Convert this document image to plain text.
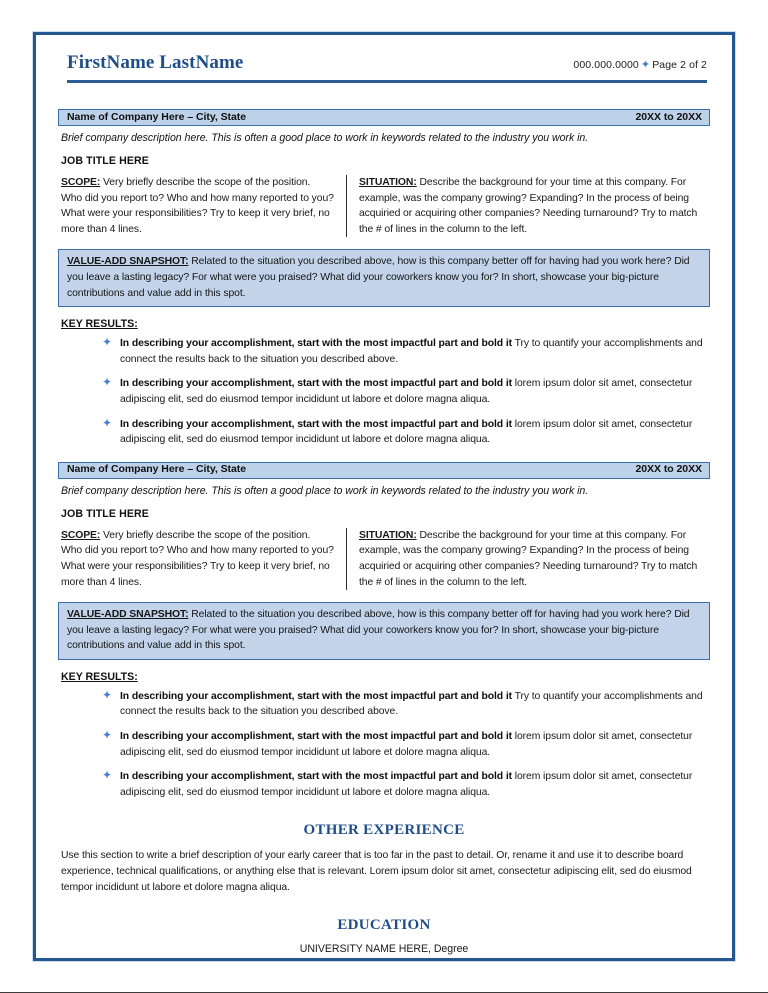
FirstName LastName	000.000.0000 ✦ Page 2 of 2
Name of Company Here – City, State	20XX to 20XX
Brief company description here. This is often a good place to work in keywords related to the industry you work in.
JOB TITLE HERE
SCOPE: Very briefly describe the scope of the position. Who did you report to? Who and how many reported to you? What were your responsibilities? Try to keep it very brief, no more than 4 lines.
SITUATION: Describe the background for your time at this company. For example, was the company growing? Expanding? In the process of being acquiried or acquiring other companies? Needing turnaround? Try to match the # of lines in the column to the left.
VALUE-ADD SNAPSHOT: Related to the situation you described above, how is this company better off for having had you work here? Did you leave a lasting legacy? For what were you praised? What did your coworkers know you for? In short, showcase your big-picture contributions and value add in this spot.
KEY RESULTS:
✦ In describing your accomplishment, start with the most impactful part and bold it Try to quantify your accomplishments and connect the results back to the situation you described above.
✦ In describing your accomplishment, start with the most impactful part and bold it lorem ipsum dolor sit amet, consectetur adipiscing elit, sed do eiusmod tempor incididunt ut labore et dolore magna aliqua.
✦ In describing your accomplishment, start with the most impactful part and bold it lorem ipsum dolor sit amet, consectetur adipiscing elit, sed do eiusmod tempor incididunt ut labore et dolore magna aliqua.
Name of Company Here – City, State	20XX to 20XX
Brief company description here. This is often a good place to work in keywords related to the industry you work in.
JOB TITLE HERE
SCOPE: Very briefly describe the scope of the position. Who did you report to? Who and how many reported to you? What were your responsibilities? Try to keep it very brief, no more than 4 lines.
SITUATION: Describe the background for your time at this company. For example, was the company growing? Expanding? In the process of being acquiried or acquiring other companies? Needing turnaround? Try to match the # of lines in the column to the left.
VALUE-ADD SNAPSHOT: Related to the situation you described above, how is this company better off for having had you work here? Did you leave a lasting legacy? For what were you praised? What did your coworkers know you for? In short, showcase your big-picture contributions and value add in this spot.
KEY RESULTS:
✦ In describing your accomplishment, start with the most impactful part and bold it Try to quantify your accomplishments and connect the results back to the situation you described above.
✦ In describing your accomplishment, start with the most impactful part and bold it lorem ipsum dolor sit amet, consectetur adipiscing elit, sed do eiusmod tempor incididunt ut labore et dolore magna aliqua.
✦ In describing your accomplishment, start with the most impactful part and bold it lorem ipsum dolor sit amet, consectetur adipiscing elit, sed do eiusmod tempor incididunt ut labore et dolore magna aliqua.
OTHER EXPERIENCE
Use this section to write a brief description of your early career that is too far in the past to detail. Or, rename it and use it to describe board experience, technical qualifications, or anything else that is relevant. Lorem ipsum dolor sit amet, consectetur adipiscing elit, sed do eiusmod tempor incididunt ut labore et dolore magna aliqua.
EDUCATION
UNIVERSITY NAME HERE, Degree
